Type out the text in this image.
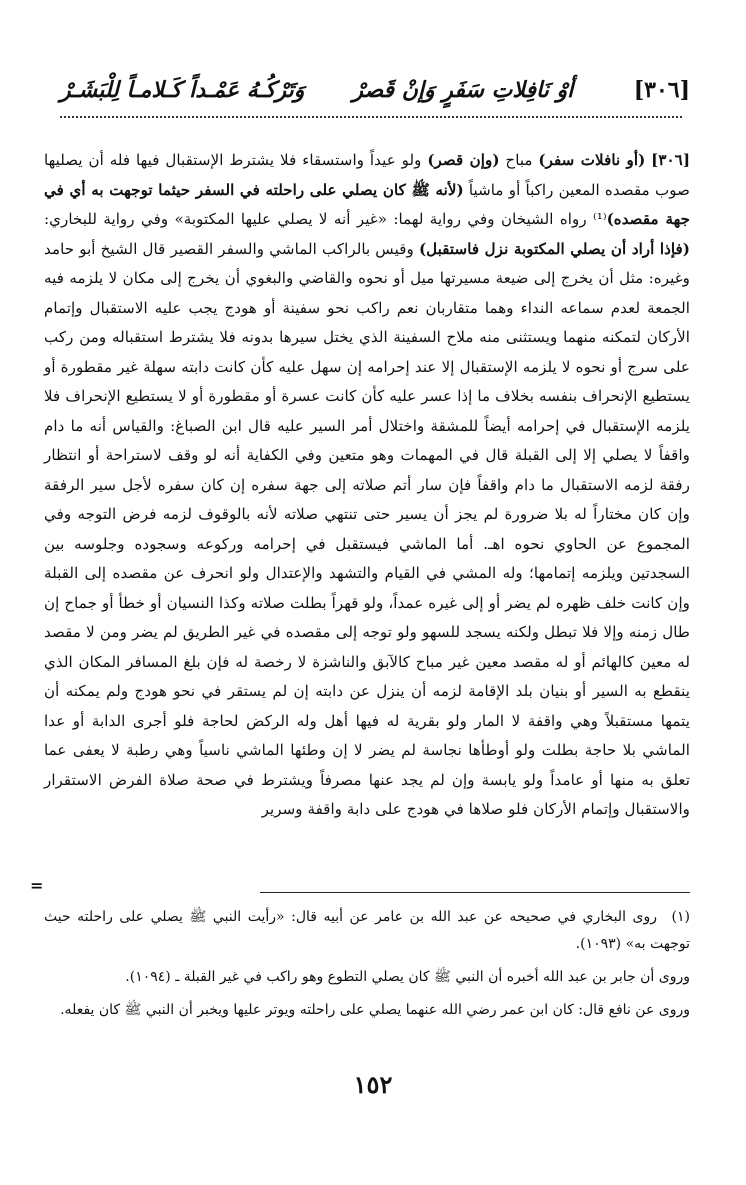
[٣٠٦]
أوْ نَافِلاتِ سَفَرٍ وَإنْ قَصرْ
وَتَرْكُـهُ عَمْـداً كَـلامـاً لِلْبَشَـرْ

[٣٠٦] (أو نافلات سفر) مباح (وإن قصر) ولو عيداً واستسقاء فلا يشترط الإستقبال فيها فله أن يصليها صوب مقصده المعين راكباً أو ماشياً (لأنه ﷺ كان يصلي على راحلته في السفر حيثما توجهت به أي في جهة مقصده)⁽¹⁾ رواه الشيخان وفي رواية لهما: «غير أنه لا يصلي عليها المكتوبة» وفي رواية للبخاري: (فإذا أراد أن يصلي المكتوبة نزل فاستقبل) وقيس بالراكب الماشي والسفر القصير قال الشيخ أبو حامد وغيره: مثل أن يخرج إلى ضيعة مسيرتها ميل أو نحوه والقاضي والبغوي أن يخرج إلى مكان لا يلزمه فيه الجمعة لعدم سماعه النداء وهما متقاربان نعم راكب نحو سفينة أو هودج يجب عليه الاستقبال وإتمام الأركان لتمكنه منهما ويستثنى منه ملاح السفينة الذي يختل سيرها بدونه فلا يشترط استقباله ومن ركب على سرج أو نحوه لا يلزمه الإستقبال إلا عند إحرامه إن سهل عليه كأن كانت دابته سهلة غير مقطورة أو يستطيع الإنحراف بنفسه بخلاف ما إذا عسر عليه كأن كانت عسرة أو مقطورة أو لا يستطيع الإنحراف فلا يلزمه الإستقبال في إحرامه أيضاً للمشقة واختلال أمر السير عليه قال ابن الصباغ: والقياس أنه ما دام واقفاً لا يصلي إلا إلى القبلة قال في المهمات وهو متعين وفي الكفاية أنه لو وقف لاستراحة أو انتظار رفقة لزمه الاستقبال ما دام واقفاً فإن سار أتم صلاته إلى جهة سفره إن كان سفره لأجل سير الرفقة وإن كان مختاراً له بلا ضرورة لم يجز أن يسير حتى تنتهي صلاته لأنه بالوقوف لزمه فرض التوجه وفي المجموع عن الحاوي نحوه اهـ. أما الماشي فيستقبل في إحرامه وركوعه وسجوده وجلوسه بين السجدتين ويلزمه إتمامها؛ وله المشي في القيام والتشهد والإعتدال ولو انحرف عن مقصده إلى القبلة وإن كانت خلف ظهره لم يضر أو إلى غيره عمداً، ولو قهراً بطلت صلاته وكذا النسيان أو خطأ أو جماح إن طال زمنه وإلا فلا تبطل ولكنه يسجد للسهو ولو توجه إلى مقصده في غير الطريق لم يضر ومن لا مقصد له معين كالهائم أو له مقصد معين غير مباح كالآبق والناشزة لا رخصة له فإن بلغ المسافر المكان الذي ينقطع به السير أو بنيان بلد الإقامة لزمه أن ينزل عن دابته إن لم يستقر في نحو هودج ولم يمكنه أن يتمها مستقبلاً وهي واقفة لا المار ولو بقرية له فيها أهل وله الركض لحاجة فلو أجرى الدابة أو عدا الماشي بلا حاجة بطلت ولو أوطأها نجاسة لم يضر لا إن وطئها الماشي ناسياً وهي رطبة لا يعفى عما تعلق به منها أو عامداً ولو يابسة وإن لم يجد عنها مصرفاً ويشترط في صحة صلاة الفرض الاستقرار والاستقبال وإتمام الأركان فلو صلاها في هودج على دابة واقفة وسرير

=

(١) روى البخاري في صحيحه عن عبد الله بن عامر عن أبيه قال: «رأيت النبي ﷺ يصلي على راحلته حيث توجهت به» (١٠٩٣).

وروى أن جابر بن عبد الله أخبره أن النبي ﷺ كان يصلي التطوع وهو راكب في غير القبلة ـ (١٠٩٤).

وروى عن نافع قال: كان ابن عمر رضي الله عنهما يصلي على راحلته ويوتر عليها ويخبر أن النبي ﷺ كان يفعله.

١٥٢
